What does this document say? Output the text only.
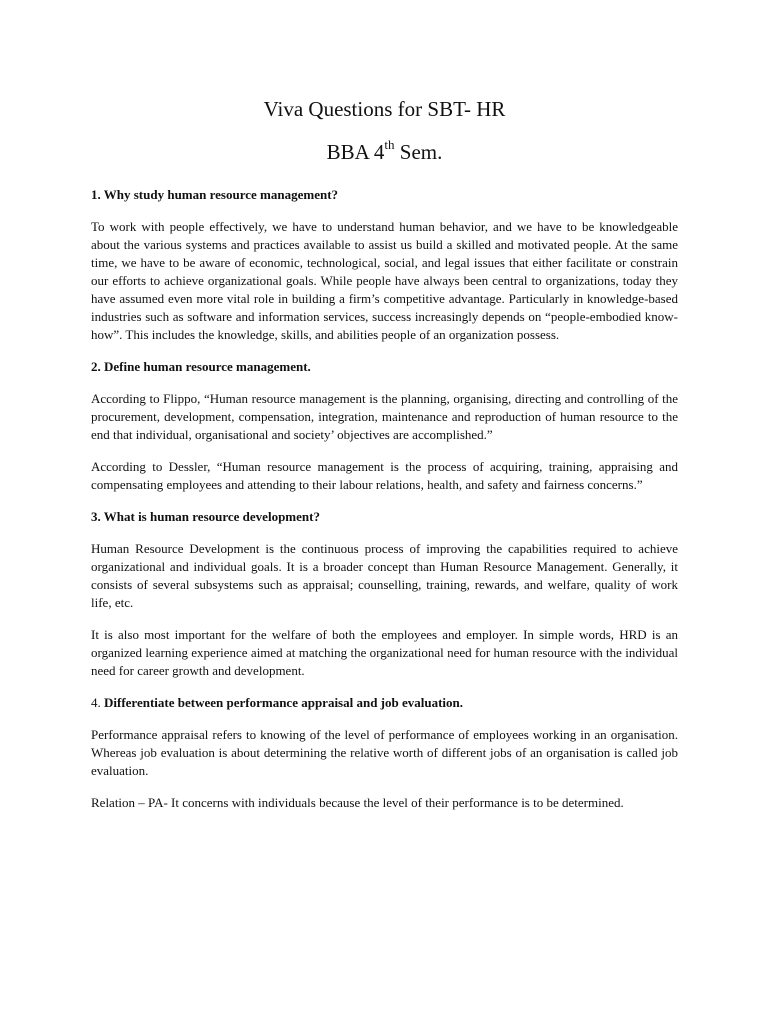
Viva Questions for SBT- HR
BBA 4th Sem.

1. Why study human resource management?

To work with people effectively, we have to understand human behavior, and we have to be knowledgeable about the various systems and practices available to assist us build a skilled and motivated people. At the same time, we have to be aware of economic, technological, social, and legal issues that either facilitate or constrain our efforts to achieve organizational goals. While people have always been central to organizations, today they have assumed even more vital role in building a firm’s competitive advantage. Particularly in knowledge-based industries such as software and information services, success increasingly depends on “people-embodied know-how”. This includes the knowledge, skills, and abilities people of an organization possess.

2. Define human resource management.

According to Flippo, “Human resource management is the planning, organising, directing and controlling of the procurement, development, compensation, integration, maintenance and reproduction of human resource to the end that individual, organisational and society’ objectives are accomplished.”

According to Dessler, “Human resource management is the process of acquiring, training, appraising and compensating employees and attending to their labour relations, health, and safety and fairness concerns.”

3. What is human resource development?

Human Resource Development is the continuous process of improving the capabilities required to achieve organizational and individual goals. It is a broader concept than Human Resource Management. Generally, it consists of several subsystems such as appraisal; counselling, training, rewards, and welfare, quality of work life, etc.

It is also most important for the welfare of both the employees and employer. In simple words, HRD is an organized learning experience aimed at matching the organizational need for human resource with the individual need for career growth and development.

4. Differentiate between performance appraisal and job evaluation.

Performance appraisal refers to knowing of the level of performance of employees working in an organisation. Whereas job evaluation is about determining the relative worth of different jobs of an organisation is called job evaluation.

Relation – PA- It concerns with individuals because the level of their performance is to be determined.
